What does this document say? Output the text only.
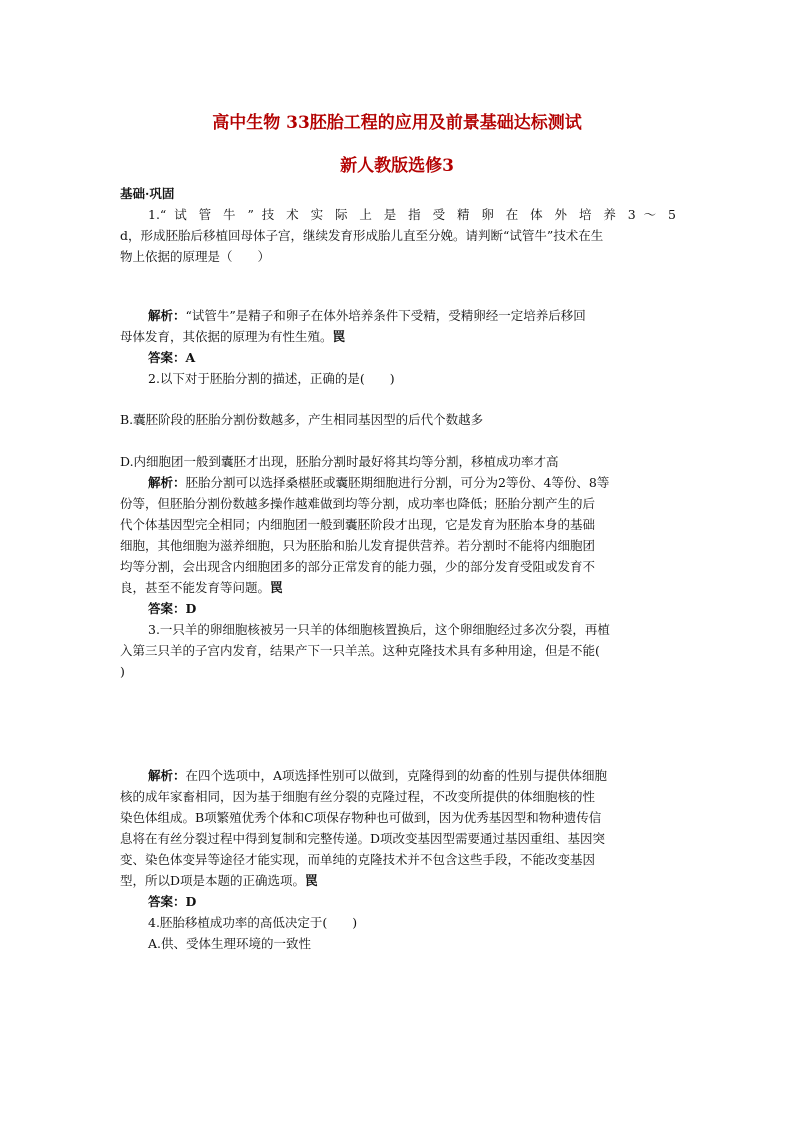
高中生物 33胚胎工程的应用及前景基础达标测试
新人教版选修3
基础·巩固
1.“ 试 管 牛 ” 技 术 实 际 上 是 指 受 精 卵 在 体 外 培 养 3 ～ 5
d，形成胚胎后移植回母体子宫，继续发育形成胎儿直至分娩。请判断“试管牛”技术在生
物上依据的原理是（　　）
解析：“试管牛”是精子和卵子在体外培养条件下受精，受精卵经一定培养后移回
母体发育，其依据的原理为有性生殖。罠
答案：A
2.以下对于胚胎分割的描述，正确的是(　　)
B.囊胚阶段的胚胎分割份数越多，产生相同基因型的后代个数越多
D.内细胞团一般到囊胚才出现，胚胎分割时最好将其均等分割，移植成功率才高
解析：胚胎分割可以选择桑椹胚或囊胚期细胞进行分割，可分为2等份、4等份、8等
份等，但胚胎分割份数越多操作越难做到均等分割，成功率也降低；胚胎分割产生的后
代个体基因型完全相同；内细胞团一般到囊胚阶段才出现，它是发育为胚胎本身的基础
细胞，其他细胞为滋养细胞，只为胚胎和胎儿发育提供营养。若分割时不能将内细胞团
均等分割，会出现含内细胞团多的部分正常发育的能力强，少的部分发育受阻或发育不
良，甚至不能发育等问题。罠
答案：D
3.一只羊的卵细胞核被另一只羊的体细胞核置换后，这个卵细胞经过多次分裂，再植
入第三只羊的子宫内发育，结果产下一只羊羔。这种克隆技术具有多种用途，但是不能(
)
解析：在四个选项中，A项选择性别可以做到，克隆得到的幼畜的性别与提供体细胞
核的成年家畜相同，因为基于细胞有丝分裂的克隆过程，不改变所提供的体细胞核的性
染色体组成。B项繁殖优秀个体和C项保存物种也可做到，因为优秀基因型和物种遗传信
息将在有丝分裂过程中得到复制和完整传递。D项改变基因型需要通过基因重组、基因突
变、染色体变异等途径才能实现，而单纯的克隆技术并不包含这些手段，不能改变基因
型，所以D项是本题的正确选项。罠
答案：D
4.胚胎移植成功率的高低决定于(　　)
A.供、受体生理环境的一致性
